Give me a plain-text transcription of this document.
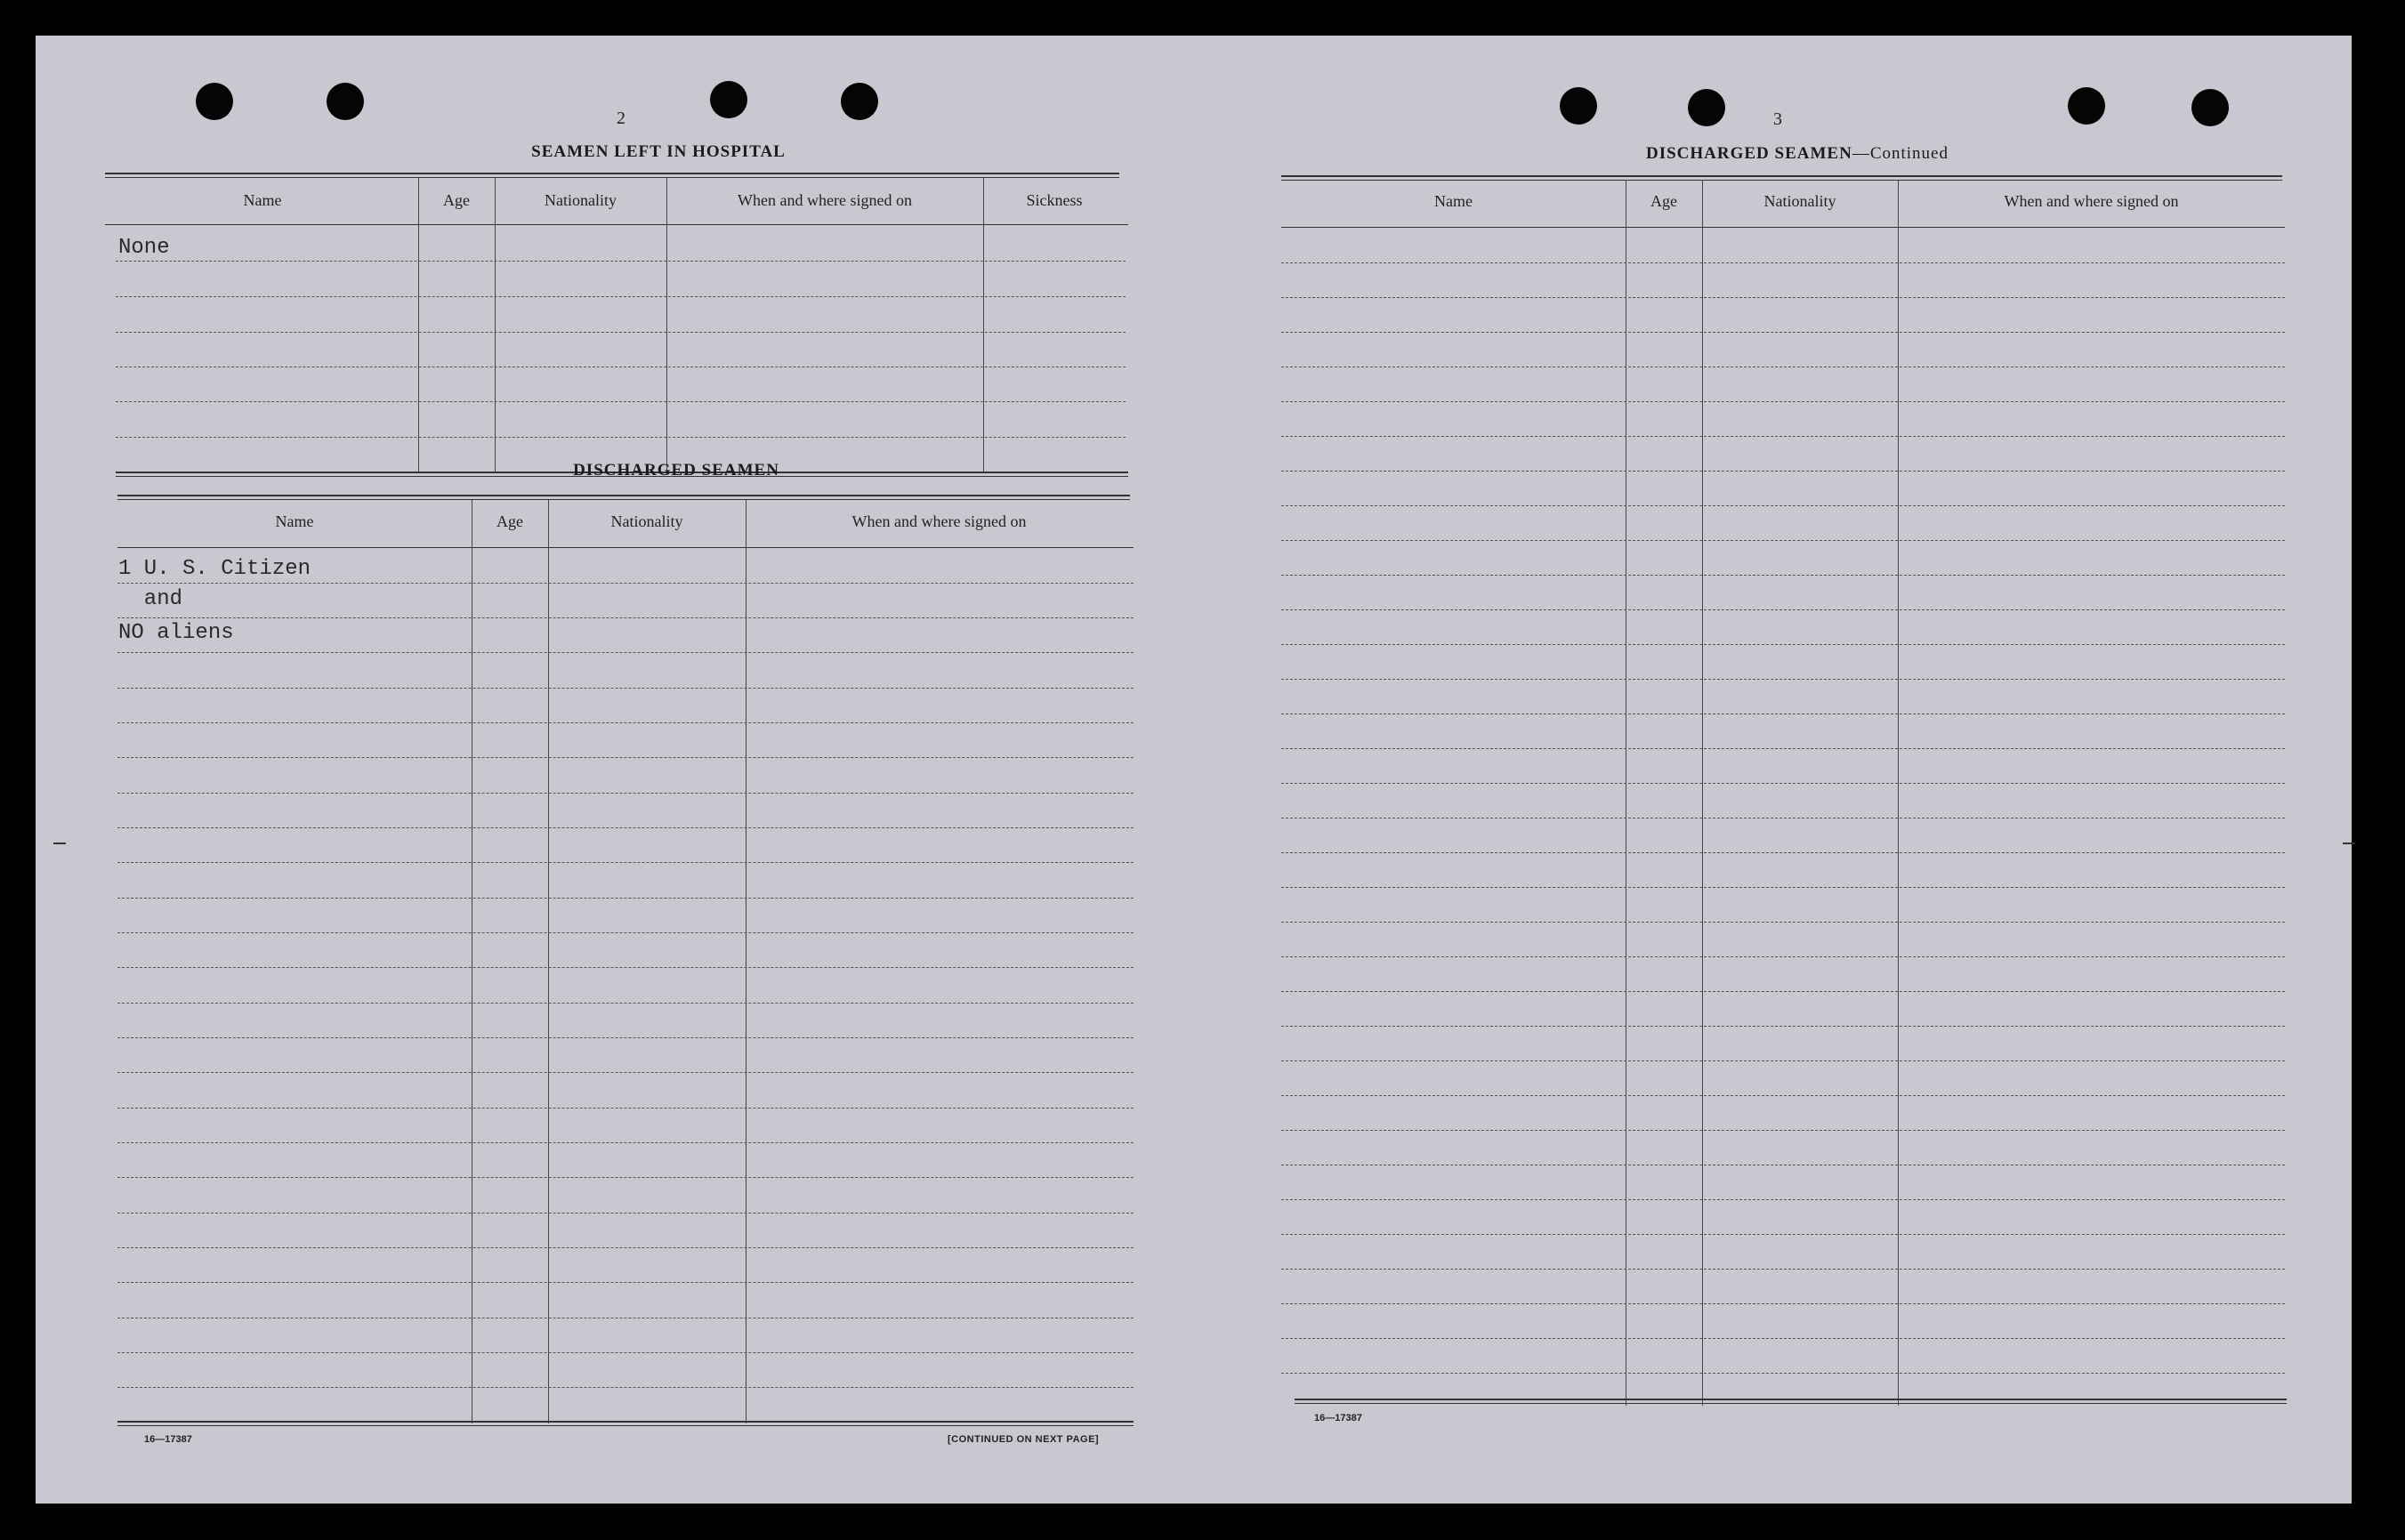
2
SEAMEN LEFT IN HOSPITAL
Name	Age	Nationality	When and where signed on	Sickness
None
DISCHARGED SEAMEN
Name	Age	Nationality	When and where signed on
1 U. S. Citizen
and
NO aliens
16—17387	[CONTINUED ON NEXT PAGE]
3
DISCHARGED SEAMEN—Continued
Name	Age	Nationality	When and where signed on
16—17387
